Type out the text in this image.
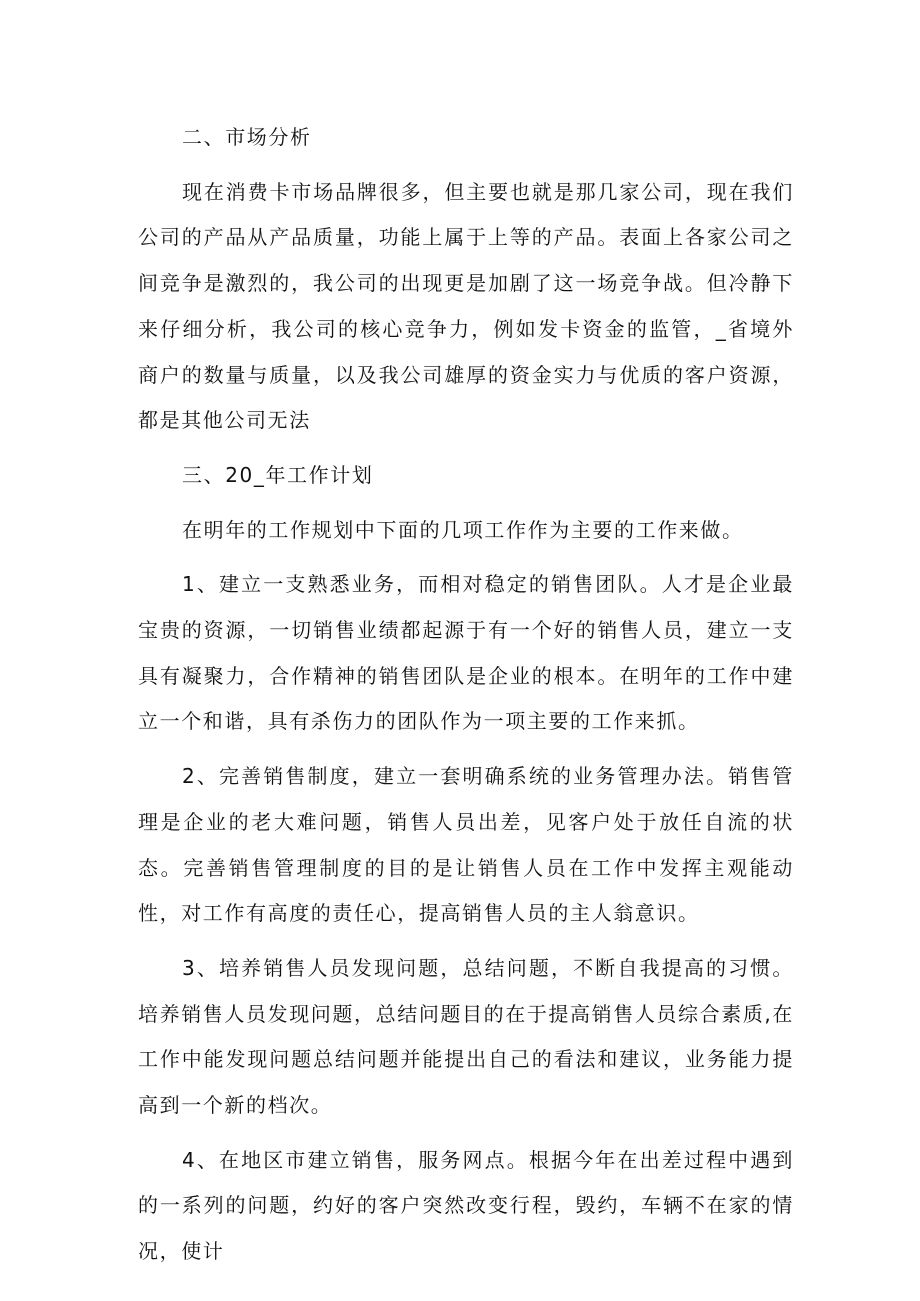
二、市场分析

现在消费卡市场品牌很多，但主要也就是那几家公司，现在我们公司的产品从产品质量，功能上属于上等的产品。表面上各家公司之间竞争是激烈的，我公司的出现更是加剧了这一场竞争战。但冷静下来仔细分析，我公司的核心竞争力，例如发卡资金的监管，_省境外商户的数量与质量，以及我公司雄厚的资金实力与优质的客户资源，都是其他公司无法

三、20_年工作计划

在明年的工作规划中下面的几项工作作为主要的工作来做。

1、建立一支熟悉业务，而相对稳定的销售团队。人才是企业最宝贵的资源，一切销售业绩都起源于有一个好的销售人员，建立一支具有凝聚力，合作精神的销售团队是企业的根本。在明年的工作中建立一个和谐，具有杀伤力的团队作为一项主要的工作来抓。

2、完善销售制度，建立一套明确系统的业务管理办法。销售管理是企业的老大难问题，销售人员出差，见客户处于放任自流的状态。完善销售管理制度的目的是让销售人员在工作中发挥主观能动性，对工作有高度的责任心，提高销售人员的主人翁意识。

3、培养销售人员发现问题，总结问题，不断自我提高的习惯。培养销售人员发现问题，总结问题目的在于提高销售人员综合素质,在工作中能发现问题总结问题并能提出自己的看法和建议，业务能力提高到一个新的档次。

4、在地区市建立销售，服务网点。根据今年在出差过程中遇到的一系列的问题，约好的客户突然改变行程，毁约，车辆不在家的情况，使计
